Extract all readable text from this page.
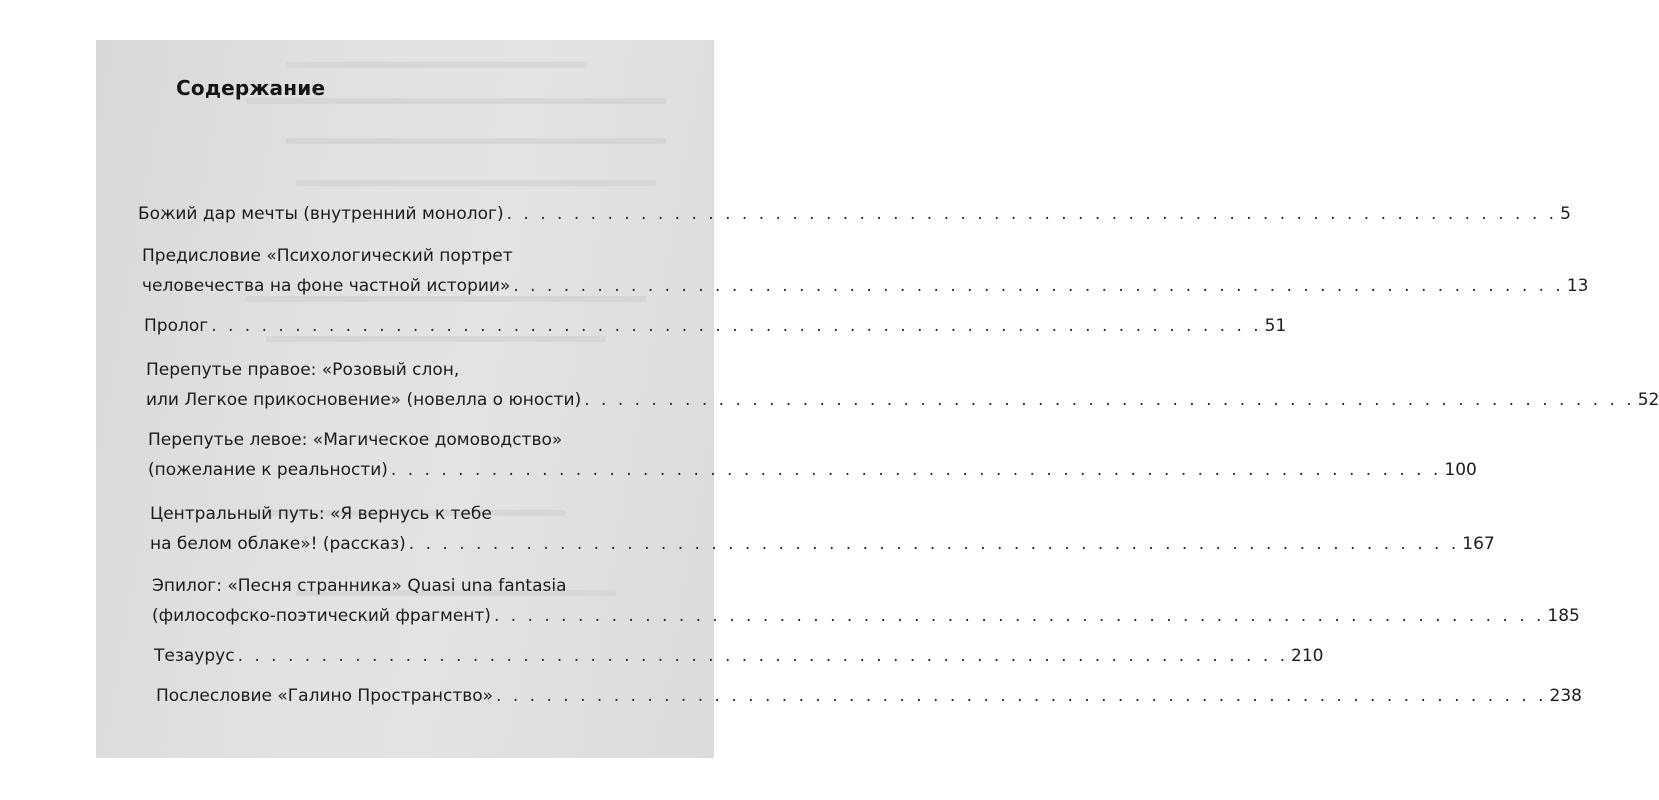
Содержание
Божий дар мечты (внутренний монолог) . . . . . . . . . . . . . . . . . . . . . . . . . . . . . . . . . . . . . . . . . . . . . . . . . . . . . . . . . . . . . . . 5
Предисловие «Психологический портрет
человечества на фоне частной истории» . . . . . . . . . . . . . . . . . . . . . . . . . . . . . . . . . . . . . . . . . . . . . . . . . . . . . . . . . . . . . . . 13
Пролог . . . . . . . . . . . . . . . . . . . . . . . . . . . . . . . . . . . . . . . . . . . . . . . . . . . . . . . . . . . . . . . 51
Перепутье правое: «Розовый слон,
или Легкое прикосновение» (новелла о юности) . . . . . . . . . . . . . . . . . . . . . . . . . . . . . . . . . . . . . . . . . . . . . . . . . . . . . . . . . . . . . . . 52
Перепутье левое: «Магическое домоводство»
(пожелание к реальности) . . . . . . . . . . . . . . . . . . . . . . . . . . . . . . . . . . . . . . . . . . . . . . . . . . . . . . . . . . . . . . . 100
Центральный путь: «Я вернусь к тебе
на белом облаке»! (рассказ) . . . . . . . . . . . . . . . . . . . . . . . . . . . . . . . . . . . . . . . . . . . . . . . . . . . . . . . . . . . . . . . 167
Эпилог: «Песня странника» Quasi una fantasia
(философско-поэтический фрагмент) . . . . . . . . . . . . . . . . . . . . . . . . . . . . . . . . . . . . . . . . . . . . . . . . . . . . . . . . . . . . . . . 185
Тезаурус . . . . . . . . . . . . . . . . . . . . . . . . . . . . . . . . . . . . . . . . . . . . . . . . . . . . . . . . . . . . . . . 210
Послесловие «Галино Пространство» . . . . . . . . . . . . . . . . . . . . . . . . . . . . . . . . . . . . . . . . . . . . . . . . . . . . . . . . . . . . . . . 238
